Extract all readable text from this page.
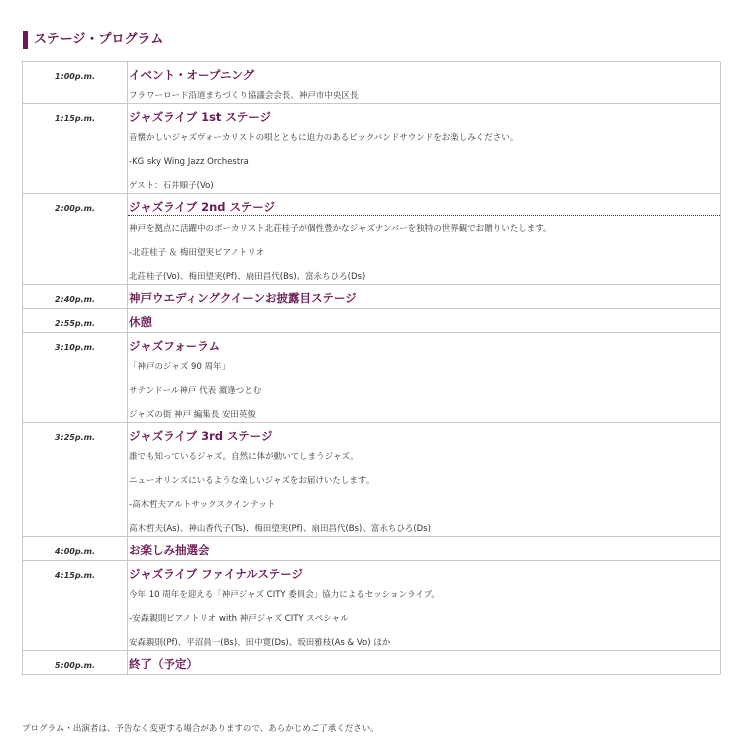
ステージ・プログラム
1:00p.m.	イベント・オープニング
フラワーロード沿道まちづくり協議会会長、神戸市中央区長

1:15p.m.	ジャズライブ 1st ステージ
音懐かしいジャズヴォーカリストの唄とともに迫力のあるビックバンドサウンドをお楽しみください。
-KG sky Wing Jazz Orchestra
ゲスト：石井順子(Vo)

2:00p.m.	ジャズライブ 2nd ステージ
神戸を拠点に活躍中のボーカリスト北荘桂子が個性豊かなジャズナンバーを独特の世界観でお贈りいたします。
-北荘桂子 ＆ 梅田望実ピアノトリオ
北荘桂子(Vo)、梅田望実(Pf)、扇田昌代(Bs)、富永ちひろ(Ds)

2:40p.m.	神戸ウエディングクイーンお披露目ステージ

2:55p.m.	休憩

3:10p.m.	ジャズフォーラム
「神戸のジャズ 90 周年」
サテンドール神戸 代表 濵逢つとむ
ジャズの街 神戸 編集長 安田英俊

3:25p.m.	ジャズライブ 3rd ステージ
誰でも知っているジャズ。自然に体が動いてしまうジャズ。
ニューオリンズにいるような楽しいジャズをお届けいたします。
-高木哲夫アルトサックスクインテット
高木哲夫(As)、神山香代子(Ts)、梅田望実(Pf)、扇田昌代(Bs)、富永ちひろ(Ds)

4:00p.m.	お楽しみ抽選会

4:15p.m.	ジャズライブ ファイナルステージ
今年 10 周年を迎える「神戸ジャズ CITY 委員会」協力によるセッションライブ。
-安森親則ピアノトリオ with 神戸ジャズ CITY スペシャル
安森親則(Pf)、平沼員一(Bs)、田中寛(Ds)、坂田雅枝(As & Vo) ほか

5:00p.m.	終了（予定）
プログラム・出演者は、予告なく変更する場合がありますので、あらかじめご了承ください。
